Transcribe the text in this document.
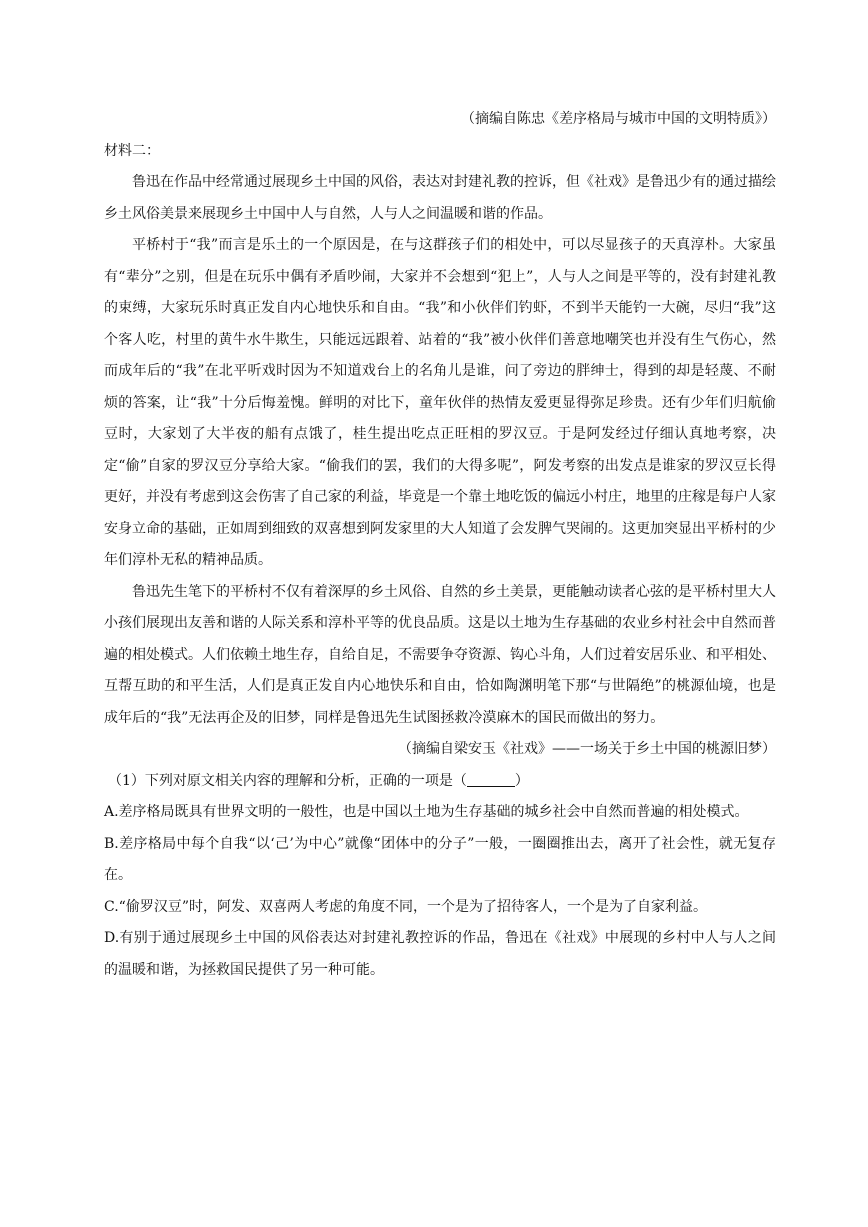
（摘编自陈忠《差序格局与城市中国的文明特质》）

材料二：

鲁迅在作品中经常通过展现乡土中国的风俗，表达对封建礼教的控诉，但《社戏》是鲁迅少有的通过描绘乡土风俗美景来展现乡土中国中人与自然，人与人之间温暖和谐的作品。

平桥村于“我”而言是乐土的一个原因是，在与这群孩子们的相处中，可以尽显孩子的天真淳朴。大家虽有“辈分”之别，但是在玩乐中偶有矛盾吵闹，大家并不会想到“犯上”，人与人之间是平等的，没有封建礼教的束缚，大家玩乐时真正发自内心地快乐和自由。“我”和小伙伴们钓虾，不到半天能钓一大碗，尽归“我”这个客人吃，村里的黄牛水牛欺生，只能远远跟着、站着的“我”被小伙伴们善意地嘲笑也并没有生气伤心，然而成年后的“我”在北平听戏时因为不知道戏台上的名角儿是谁，问了旁边的胖绅士，得到的却是轻蔑、不耐烦的答案，让“我”十分后悔羞愧。鲜明的对比下，童年伙伴的热情友爱更显得弥足珍贵。还有少年们归航偷豆时，大家划了大半夜的船有点饿了，桂生提出吃点正旺相的罗汉豆。于是阿发经过仔细认真地考察，决定“偷”自家的罗汉豆分享给大家。“偷我们的罢，我们的大得多呢”，阿发考察的出发点是谁家的罗汉豆长得更好，并没有考虑到这会伤害了自己家的利益，毕竟是一个靠土地吃饭的偏远小村庄，地里的庄稼是每户人家安身立命的基础，正如周到细致的双喜想到阿发家里的大人知道了会发脾气哭闹的。这更加突显出平桥村的少年们淳朴无私的精神品质。

鲁迅先生笔下的平桥村不仅有着深厚的乡土风俗、自然的乡土美景，更能触动读者心弦的是平桥村里大人小孩们展现出友善和谐的人际关系和淳朴平等的优良品质。这是以土地为生存基础的农业乡村社会中自然而普遍的相处模式。人们依赖土地生存，自给自足，不需要争夺资源、钩心斗角，人们过着安居乐业、和平相处、互帮互助的和平生活，人们是真正发自内心地快乐和自由，恰如陶渊明笔下那“与世隔绝”的桃源仙境，也是成年后的“我”无法再企及的旧梦，同样是鲁迅先生试图拯救冷漠麻木的国民而做出的努力。

（摘编自梁安玉《社戏》——一场关于乡土中国的桃源旧梦）

（1）下列对原文相关内容的理解和分析，正确的一项是（	）

A.差序格局既具有世界文明的一般性，也是中国以土地为生存基础的城乡社会中自然而普遍的相处模式。

B.差序格局中每个自我“以‘己’为中心”就像“团体中的分子”一般，一圈圈推出去，离开了社会性，就无复存在。

C.“偷罗汉豆”时，阿发、双喜两人考虑的角度不同，一个是为了招待客人，一个是为了自家利益。

D.有别于通过展现乡土中国的风俗表达对封建礼教控诉的作品，鲁迅在《社戏》中展现的乡村中人与人之间的温暖和谐，为拯救国民提供了另一种可能。
